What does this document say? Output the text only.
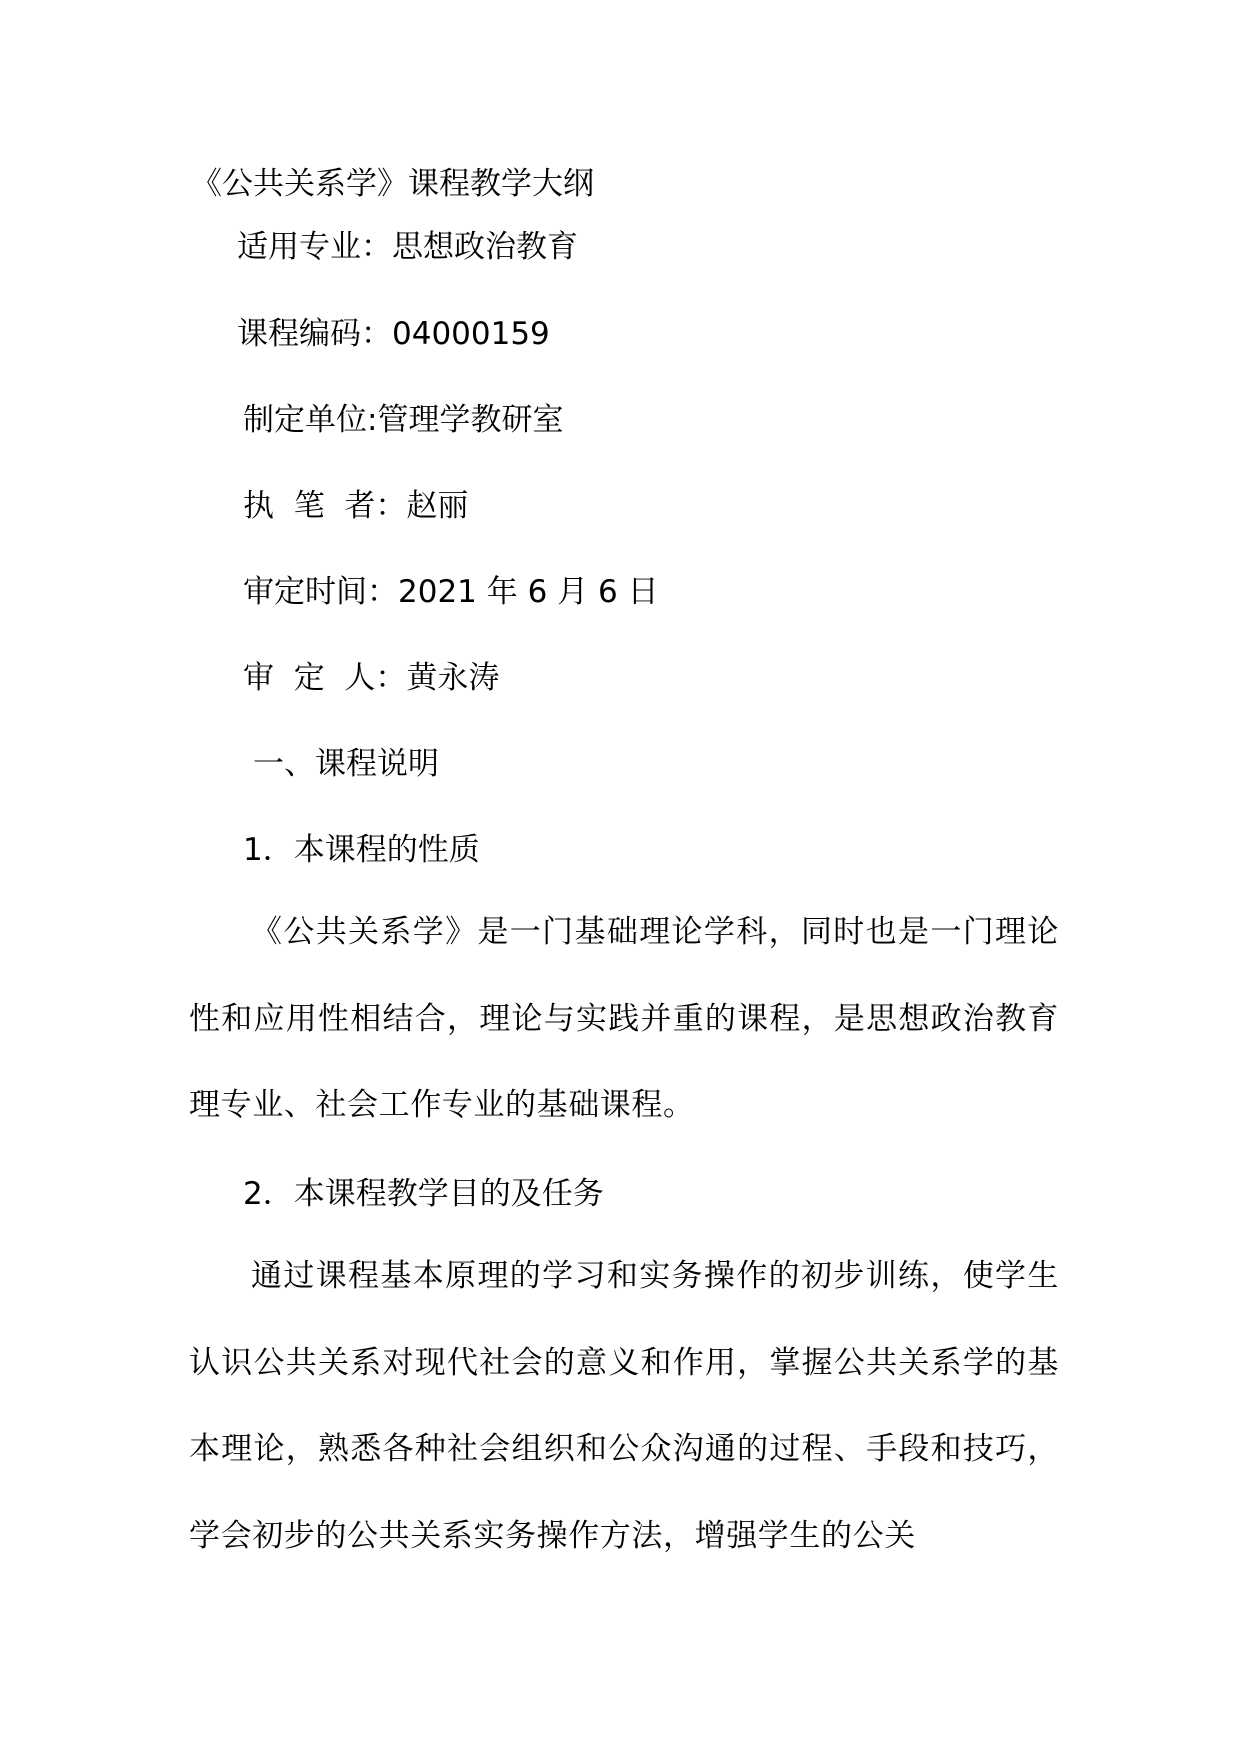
《公共关系学》课程教学大纲
适用专业：思想政治教育
课程编码：04000159
制定单位:管理学教研室
执  笔  者：赵丽
审定时间：2021 年 6 月 6 日
审  定  人：黄永涛
一、课程说明
1．本课程的性质
《公共关系学》是一门基础理论学科，同时也是一门理论性和应用性相结合，理论与实践并重的课程，是思想政治教育理专业、社会工作专业的基础课程。
2．本课程教学目的及任务
通过课程基本原理的学习和实务操作的初步训练，使学生认识公共关系对现代社会的意义和作用，掌握公共关系学的基本理论，熟悉各种社会组织和公众沟通的过程、手段和技巧，学会初步的公共关系实务操作方法，增强学生的公关
